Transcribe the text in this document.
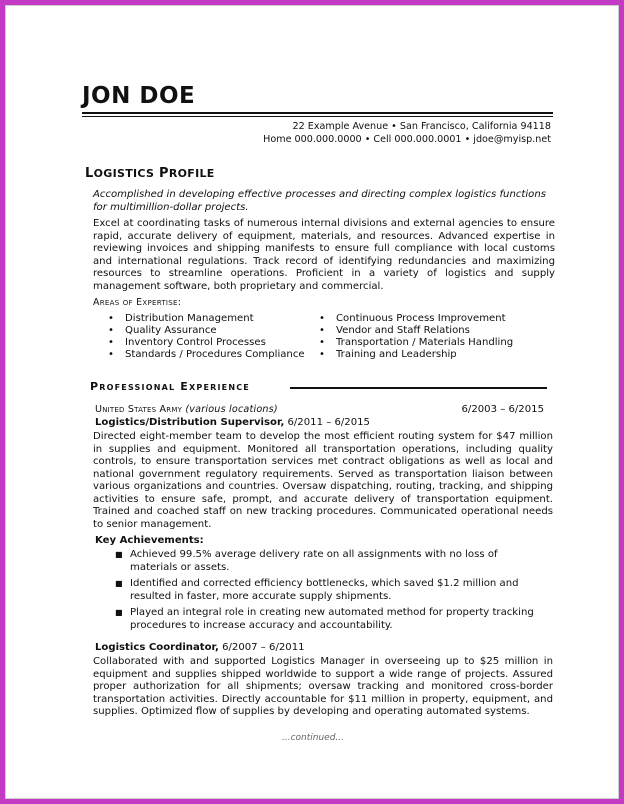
JON DOE
22 Example Avenue • San Francisco, California 94118
Home 000.000.0000 • Cell 000.000.0001 • jdoe@myisp.net
LOGISTICS PROFILE
Accomplished in developing effective processes and directing complex logistics functions for multimillion-dollar projects.
Excel at coordinating tasks of numerous internal divisions and external agencies to ensure rapid, accurate delivery of equipment, materials, and resources. Advanced expertise in reviewing invoices and shipping manifests to ensure full compliance with local customs and international regulations. Track record of identifying redundancies and maximizing resources to streamline operations. Proficient in a variety of logistics and supply management software, both proprietary and commercial.
Areas of Expertise:
• Distribution Management
• Quality Assurance
• Inventory Control Processes
• Standards / Procedures Compliance
• Continuous Process Improvement
• Vendor and Staff Relations
• Transportation / Materials Handling
• Training and Leadership
Professional Experience
United States Army (various locations)	6/2003 – 6/2015
Logistics/Distribution Supervisor, 6/2011 – 6/2015
Directed eight-member team to develop the most efficient routing system for $47 million in supplies and equipment. Monitored all transportation operations, including quality controls, to ensure transportation services met contract obligations as well as local and national government regulatory requirements. Served as transportation liaison between various organizations and countries. Oversaw dispatching, routing, tracking, and shipping activities to ensure safe, prompt, and accurate delivery of transportation equipment. Trained and coached staff on new tracking procedures. Communicated operational needs to senior management.
Key Achievements:
■ Achieved 99.5% average delivery rate on all assignments with no loss of materials or assets.
■ Identified and corrected efficiency bottlenecks, which saved $1.2 million and resulted in faster, more accurate supply shipments.
■ Played an integral role in creating new automated method for property tracking procedures to increase accuracy and accountability.
Logistics Coordinator, 6/2007 – 6/2011
Collaborated with and supported Logistics Manager in overseeing up to $25 million in equipment and supplies shipped worldwide to support a wide range of projects. Assured proper authorization for all shipments; oversaw tracking and monitored cross-border transportation activities. Directly accountable for $11 million in property, equipment, and supplies. Optimized flow of supplies by developing and operating automated systems.
...continued...
